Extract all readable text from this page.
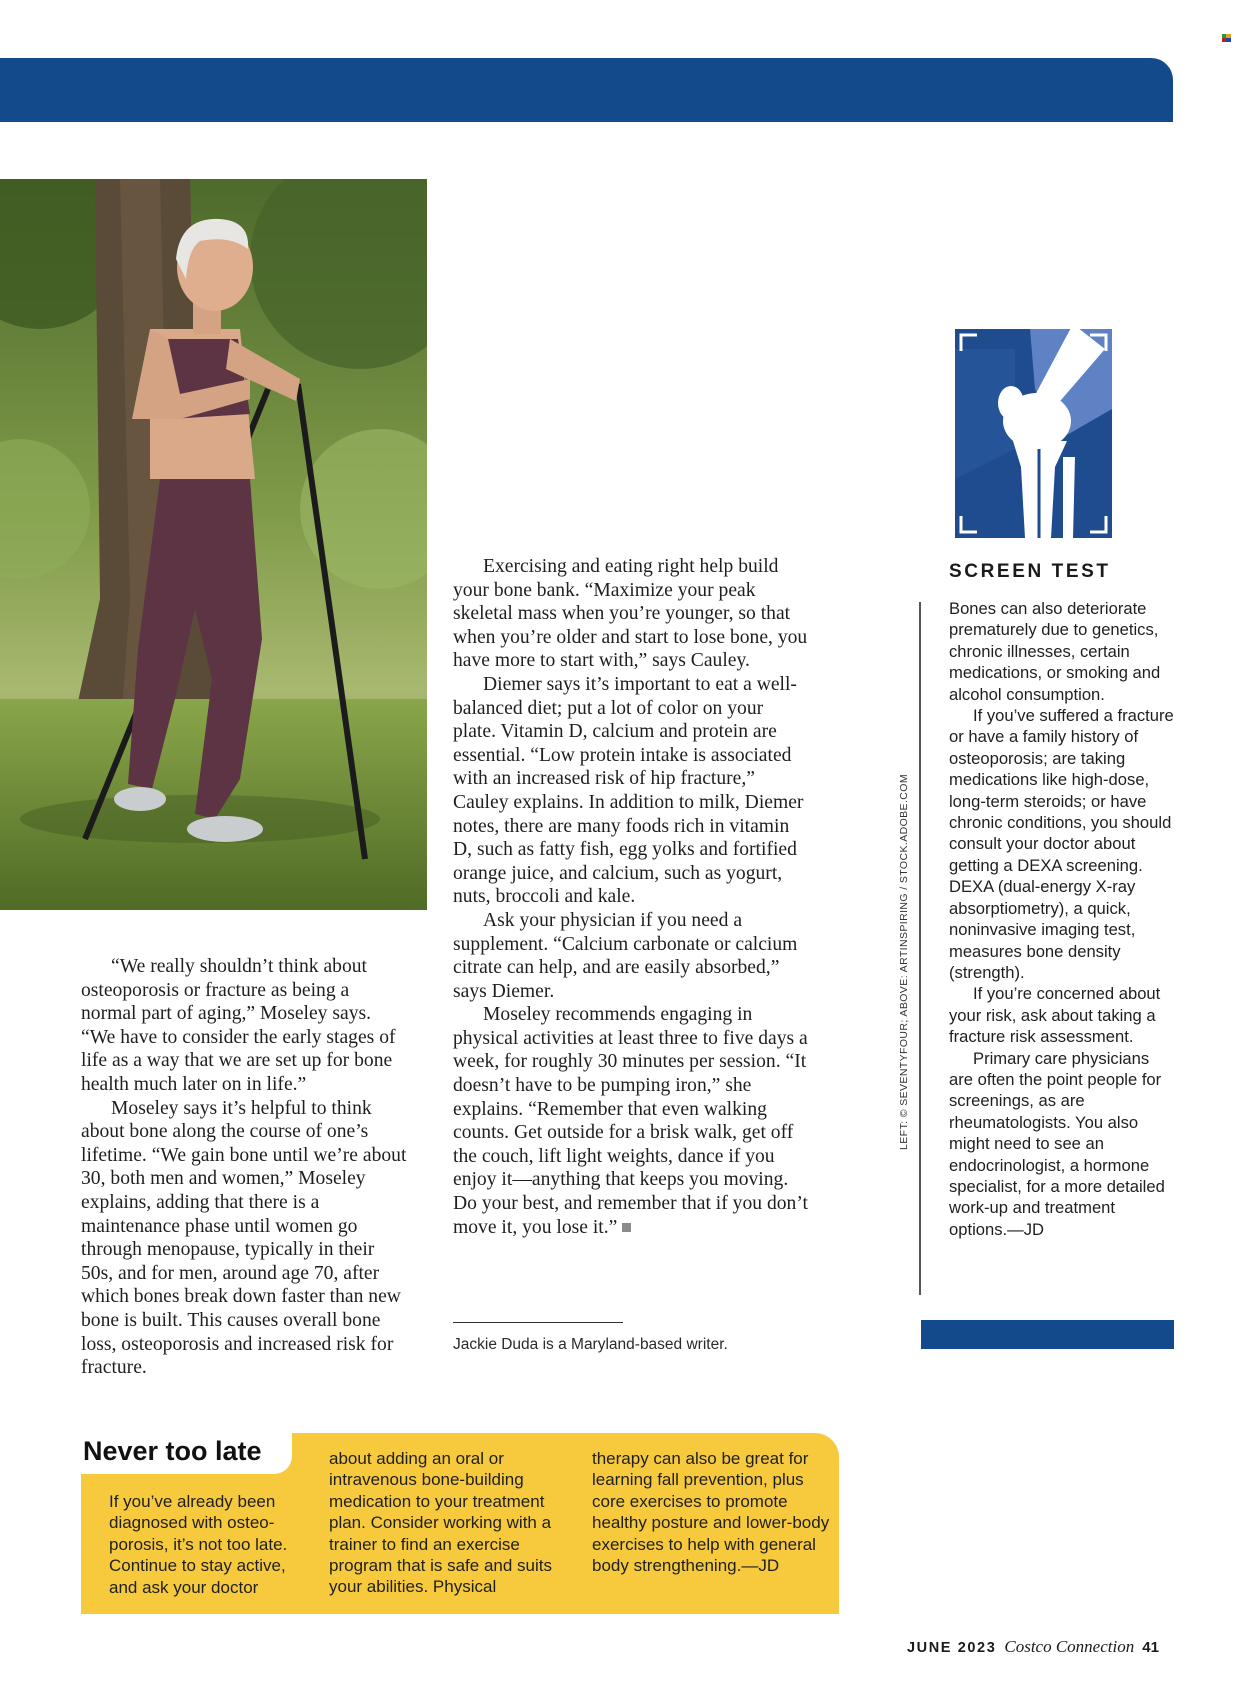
“We really shouldn’t think about osteoporosis or fracture as being a normal part of aging,” Moseley says. “We have to consider the early stages of life as a way that we are set up for bone health much later on in life.”

Moseley says it’s helpful to think about bone along the course of one’s lifetime. “We gain bone until we’re about 30, both men and women,” Moseley explains, adding that there is a maintenance phase until women go through menopause, typically in their 50s, and for men, around age 70, after which bones break down faster than new bone is built. This causes overall bone loss, osteoporosis and increased risk for fracture.

Exercising and eating right help build your bone bank. “Maximize your peak skeletal mass when you’re younger, so that when you’re older and start to lose bone, you have more to start with,” says Cauley.

Diemer says it’s important to eat a well-balanced diet; put a lot of color on your plate. Vitamin D, calcium and protein are essential. “Low protein intake is associated with an increased risk of hip fracture,” Cauley explains. In addition to milk, Diemer notes, there are many foods rich in vitamin D, such as fatty fish, egg yolks and fortified orange juice, and calcium, such as yogurt, nuts, broccoli and kale.

Ask your physician if you need a supplement. “Calcium carbonate or calcium citrate can help, and are easily absorbed,” says Diemer.

Moseley recommends engaging in physical activities at least three to five days a week, for roughly 30 minutes per session. “It doesn’t have to be pumping iron,” she explains. “Remember that even walking counts. Get outside for a brisk walk, get off the couch, lift light weights, dance if you enjoy it—anything that keeps you moving. Do your best, and remember that if you don’t move it, you lose it.”

Jackie Duda is a Maryland-based writer.
LEFT: © SEVENTYFOUR; ABOVE: ARTINSPIRING / STOCK.ADOBE.COM
SCREEN TEST

Bones can also deteriorate prematurely due to genetics, chronic illnesses, certain medications, or smoking and alcohol consumption.

If you’ve suffered a fracture or have a family history of osteoporosis; are taking medications like high-dose, long-term steroids; or have chronic conditions, you should consult your doctor about getting a DEXA screening. DEXA (dual-energy X-ray absorptiometry), a quick, noninvasive imaging test, measures bone density (strength).

If you’re concerned about your risk, ask about taking a fracture risk assessment.

Primary care physicians are often the point people for screenings, as are rheumatologists. You also might need to see an endocrinologist, a hormone specialist, for a more detailed work-up and treatment options.—JD

Never too late
If you’ve already been diagnosed with osteoporosis, it’s not too late. Continue to stay active, and ask your doctor
about adding an oral or intravenous bone-building medication to your treatment plan. Consider working with a trainer to find an exercise program that is safe and suits your abilities. Physical
therapy can also be great for learning fall prevention, plus core exercises to promote healthy posture and lower-body exercises to help with general body strengthening.—JD
JUNE 2023 Costco Connection 41
